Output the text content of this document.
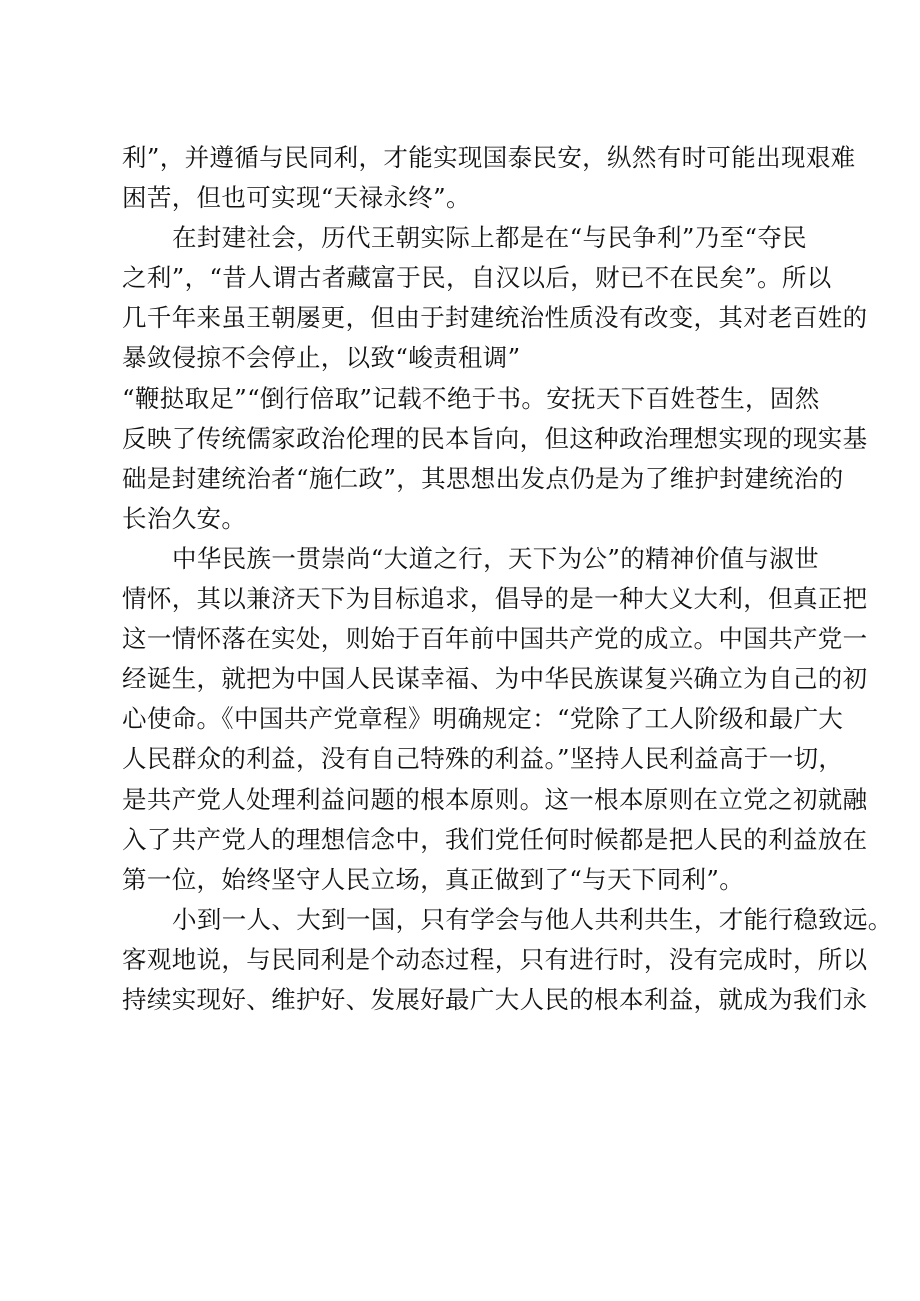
利”，并遵循与民同利，才能实现国泰民安，纵然有时可能出现艰难
困苦，但也可实现“天禄永终”。
在封建社会，历代王朝实际上都是在“与民争利”乃至“夺民
之利”，“昔人谓古者藏富于民，自汉以后，财已不在民矣”。所以
几千年来虽王朝屡更，但由于封建统治性质没有改变，其对老百姓的
暴敛侵掠不会停止，以致“峻责租调”
“鞭挞取足”“倒行倍取”记载不绝于书。安抚天下百姓苍生，固然
反映了传统儒家政治伦理的民本旨向，但这种政治理想实现的现实基
础是封建统治者“施仁政”，其思想出发点仍是为了维护封建统治的
长治久安。
中华民族一贯崇尚“大道之行，天下为公”的精神价值与淑世
情怀，其以兼济天下为目标追求，倡导的是一种大义大利，但真正把
这一情怀落在实处，则始于百年前中国共产党的成立。中国共产党一
经诞生，就把为中国人民谋幸福、为中华民族谋复兴确立为自己的初
心使命。《中国共产党章程》明确规定：“党除了工人阶级和最广大
人民群众的利益，没有自己特殊的利益。”坚持人民利益高于一切，
是共产党人处理利益问题的根本原则。这一根本原则在立党之初就融
入了共产党人的理想信念中，我们党任何时候都是把人民的利益放在
第一位，始终坚守人民立场，真正做到了“与天下同利”。
小到一人、大到一国，只有学会与他人共利共生，才能行稳致远。
客观地说，与民同利是个动态过程，只有进行时，没有完成时，所以
持续实现好、维护好、发展好最广大人民的根本利益，就成为我们永
